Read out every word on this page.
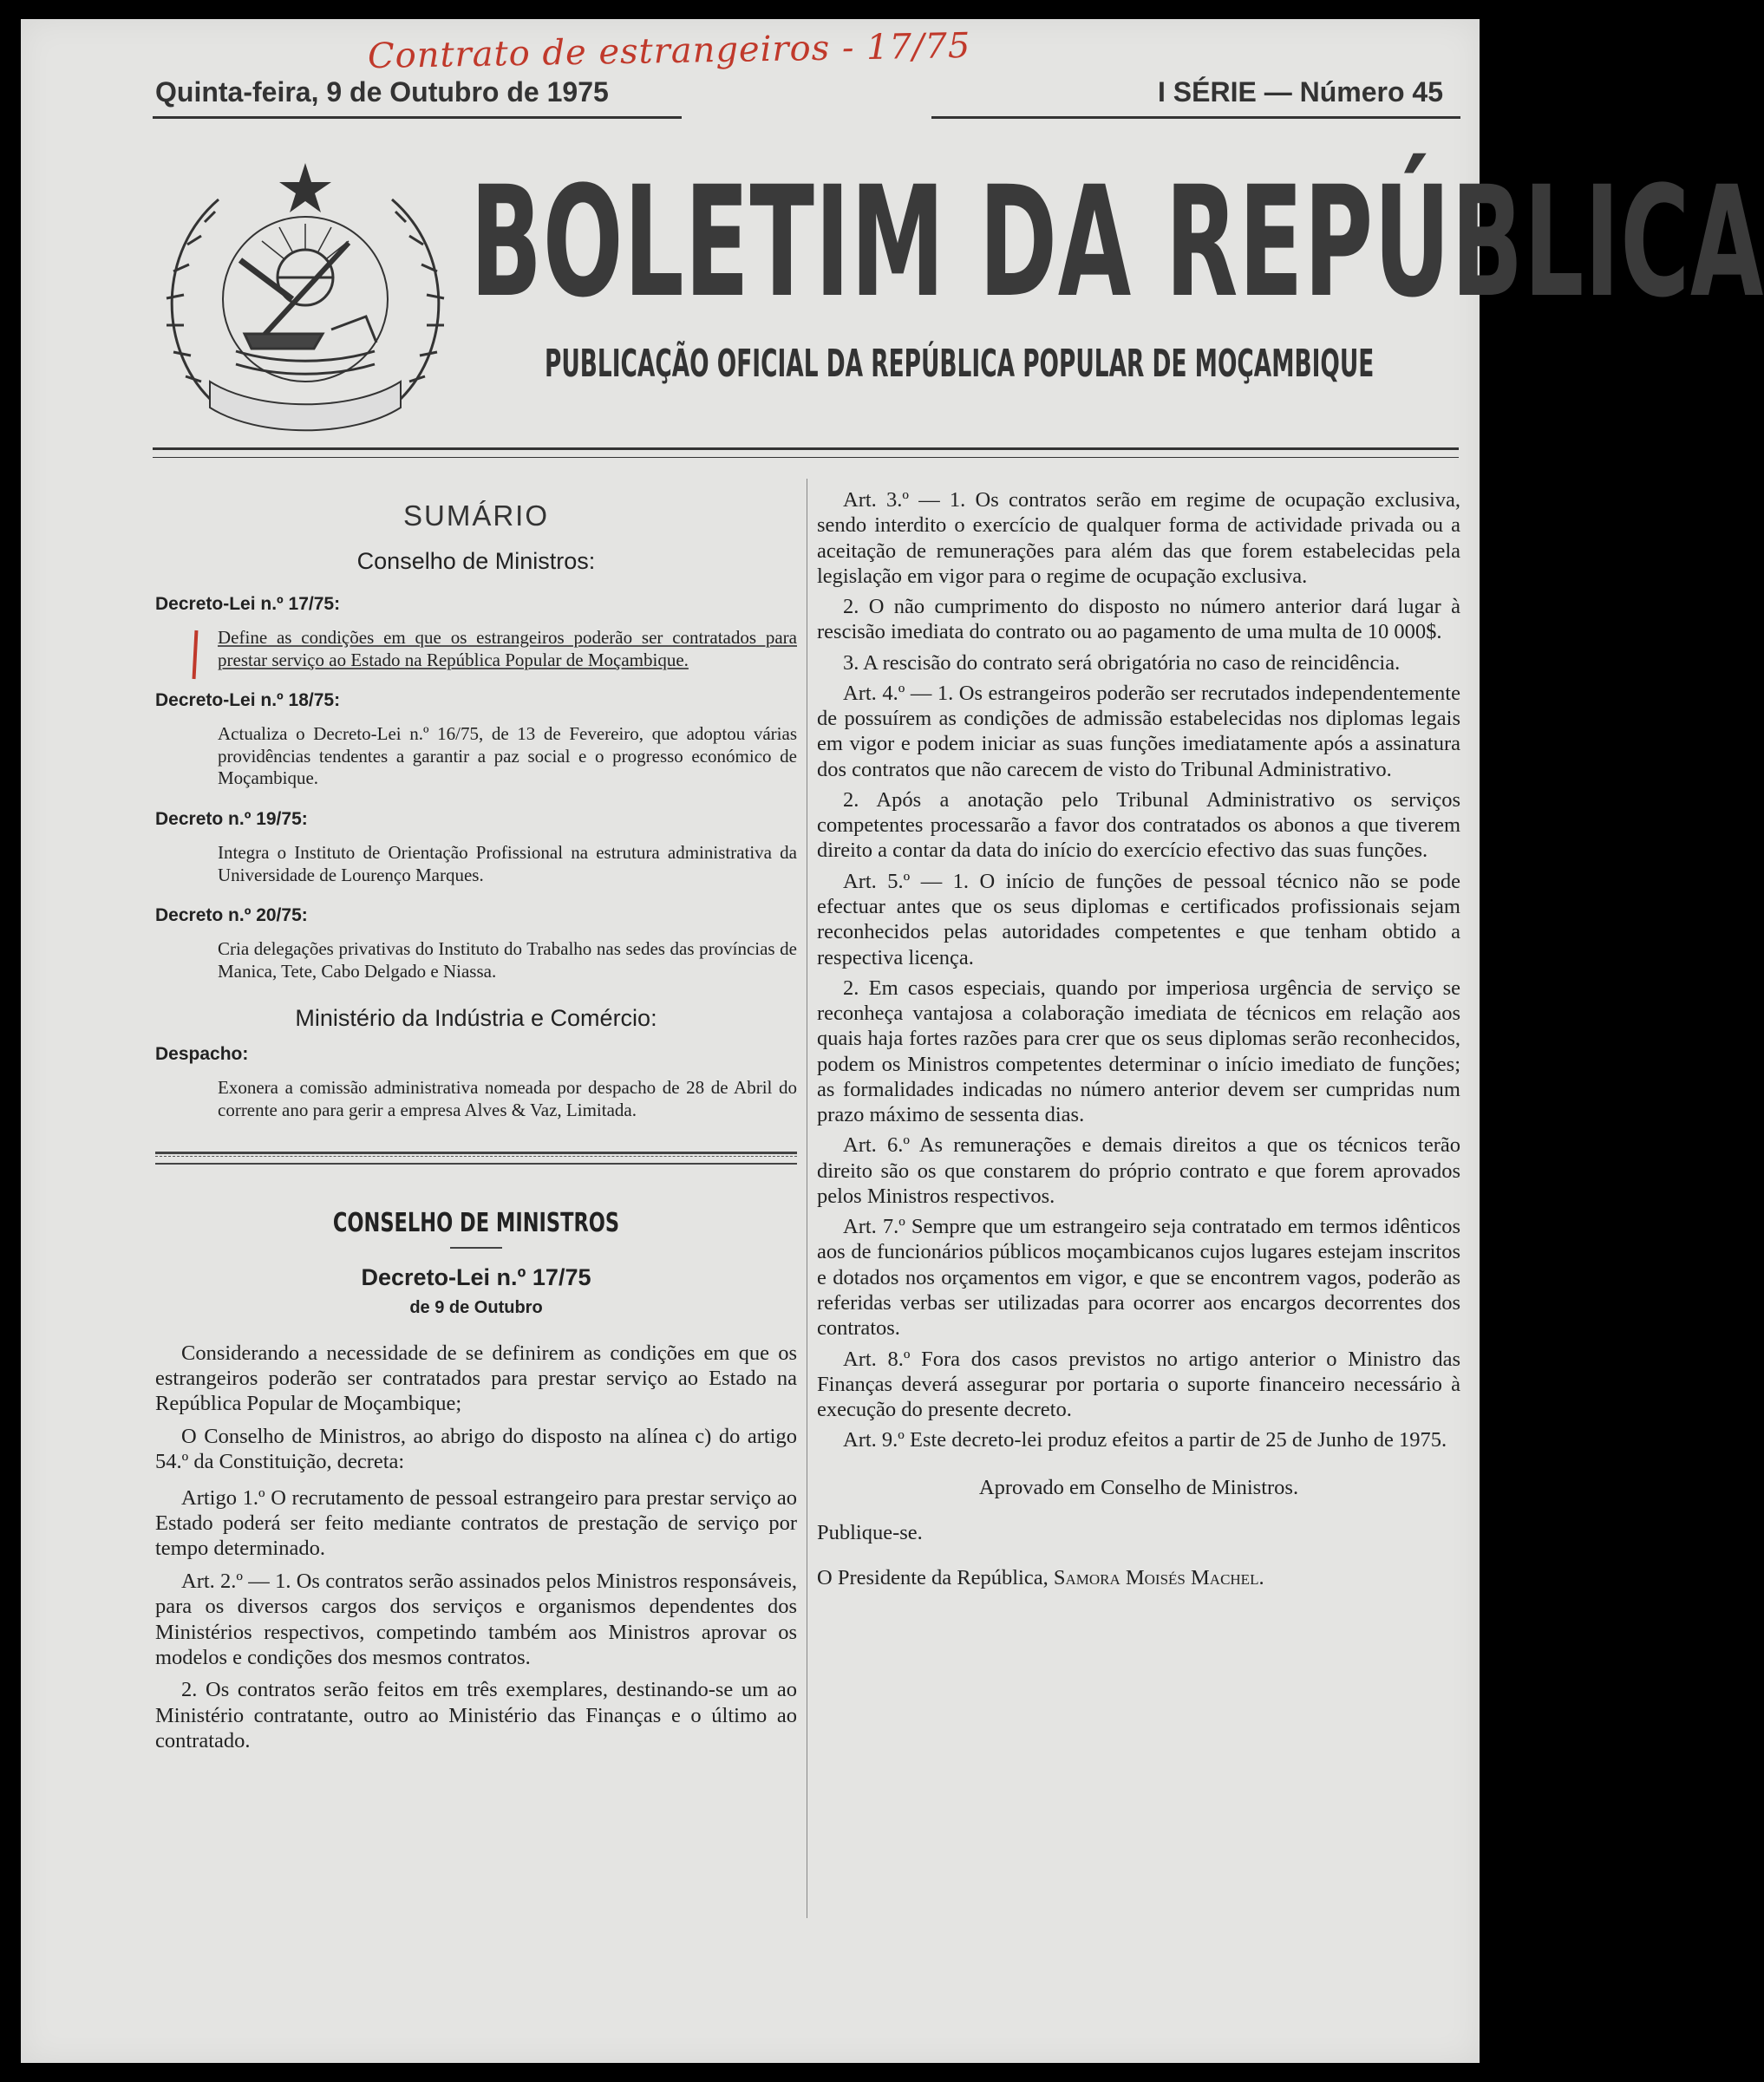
Contrato de estrangeiros - 17/75
Quinta-feira, 9 de Outubro de 1975	I SÉRIE — Número 45
BOLETIM DA REPÚBLICA
PUBLICAÇÃO OFICIAL DA REPÚBLICA POPULAR DE MOÇAMBIQUE
SUMÁRIO
Conselho de Ministros:
Decreto-Lei n.º 17/75:
Define as condições em que os estrangeiros poderão ser contratados para prestar serviço ao Estado na República Popular de Moçambique.
Decreto-Lei n.º 18/75:
Actualiza o Decreto-Lei n.º 16/75, de 13 de Fevereiro, que adoptou várias providências tendentes a garantir a paz social e o progresso económico de Moçambique.
Decreto n.º 19/75:
Integra o Instituto de Orientação Profissional na estrutura administrativa da Universidade de Lourenço Marques.
Decreto n.º 20/75:
Cria delegações privativas do Instituto do Trabalho nas sedes das províncias de Manica, Tete, Cabo Delgado e Niassa.
Ministério da Indústria e Comércio:
Despacho:
Exonera a comissão administrativa nomeada por despacho de 28 de Abril do corrente ano para gerir a empresa Alves & Vaz, Limitada.
CONSELHO DE MINISTROS
Decreto-Lei n.º 17/75
de 9 de Outubro

Considerando a necessidade de se definirem as condições em que os estrangeiros poderão ser contratados para prestar serviço ao Estado na República Popular de Moçambique;

O Conselho de Ministros, ao abrigo do disposto na alínea c) do artigo 54.º da Constituição, decreta:

Artigo 1.º O recrutamento de pessoal estrangeiro para prestar serviço ao Estado poderá ser feito mediante contratos de prestação de serviço por tempo determinado.

Art. 2.º — 1. Os contratos serão assinados pelos Ministros responsáveis, para os diversos cargos dos serviços e organismos dependentes dos Ministérios respectivos, competindo também aos Ministros aprovar os modelos e condições dos mesmos contratos.

2. Os contratos serão feitos em três exemplares, destinando-se um ao Ministério contratante, outro ao Ministério das Finanças e o último ao contratado.

Art. 3.º — 1. Os contratos serão em regime de ocupação exclusiva, sendo interdito o exercício de qualquer forma de actividade privada ou a aceitação de remunerações para além das que forem estabelecidas pela legislação em vigor para o regime de ocupação exclusiva.

2. O não cumprimento do disposto no número anterior dará lugar à rescisão imediata do contrato ou ao pagamento de uma multa de 10 000$.

3. A rescisão do contrato será obrigatória no caso de reincidência.

Art. 4.º — 1. Os estrangeiros poderão ser recrutados independentemente de possuírem as condições de admissão estabelecidas nos diplomas legais em vigor e podem iniciar as suas funções imediatamente após a assinatura dos contratos que não carecem de visto do Tribunal Administrativo.

2. Após a anotação pelo Tribunal Administrativo os serviços competentes processarão a favor dos contratados os abonos a que tiverem direito a contar da data do início do exercício efectivo das suas funções.

Art. 5.º — 1. O início de funções de pessoal técnico não se pode efectuar antes que os seus diplomas e certificados profissionais sejam reconhecidos pelas autoridades competentes e que tenham obtido a respectiva licença.

2. Em casos especiais, quando por imperiosa urgência de serviço se reconheça vantajosa a colaboração imediata de técnicos em relação aos quais haja fortes razões para crer que os seus diplomas serão reconhecidos, podem os Ministros competentes determinar o início imediato de funções; as formalidades indicadas no número anterior devem ser cumpridas num prazo máximo de sessenta dias.

Art. 6.º As remunerações e demais direitos a que os técnicos terão direito são os que constarem do próprio contrato e que forem aprovados pelos Ministros respectivos.

Art. 7.º Sempre que um estrangeiro seja contratado em termos idênticos aos de funcionários públicos moçambicanos cujos lugares estejam inscritos e dotados nos orçamentos em vigor, e que se encontrem vagos, poderão as referidas verbas ser utilizadas para ocorrer aos encargos decorrentes dos contratos.

Art. 8.º Fora dos casos previstos no artigo anterior o Ministro das Finanças deverá assegurar por portaria o suporte financeiro necessário à execução do presente decreto.

Art. 9.º Este decreto-lei produz efeitos a partir de 25 de Junho de 1975.

Aprovado em Conselho de Ministros.

Publique-se.

O Presidente da República, Samora Moisés Machel.
